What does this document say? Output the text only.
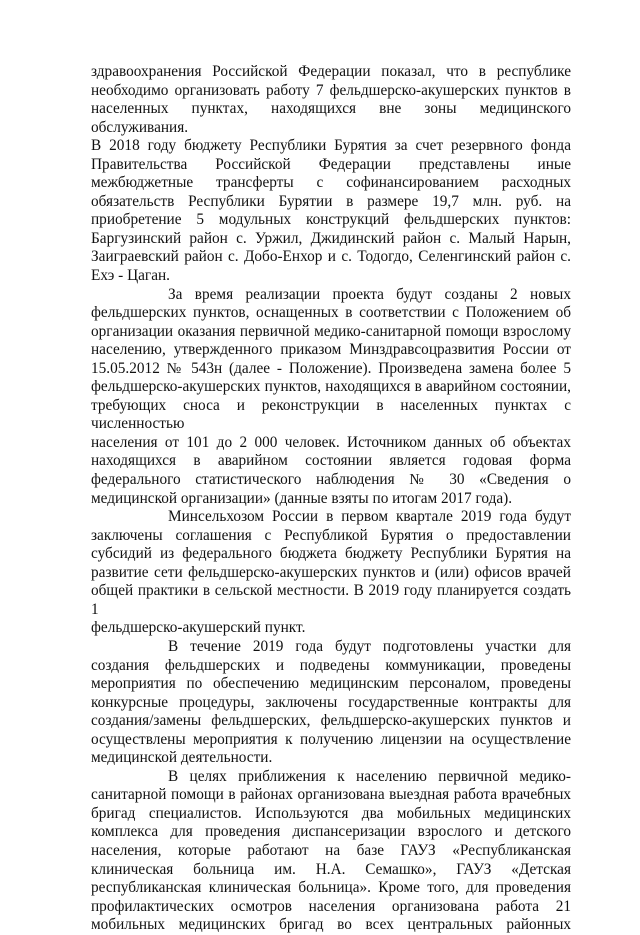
здравоохранения Российской Федерации показал, что в республике

необходимо организовать работу 7 фельдшерско-акушерских пунктов в

населенных пунктах, находящихся вне зоны медицинского обслуживания.

В 2018 году бюджету Республики Бурятия за счет резервного фонда

Правительства Российской Федерации представлены иные

межбюджетные трансферты с софинансированием расходных

обязательств Республики Бурятии в размере 19,7 млн. руб. на

приобретение 5 модульных конструкций фельдшерских пунктов:

Баргузинский район с. Уржил, Джидинский район с. Малый Нарын,

Заиграевский район с. Добо-Енхор и с. Тодогдо, Селенгинский район с.

Ехэ - Цаган.

За время реализации проекта будут созданы 2 новых

фельдшерских пунктов, оснащенных в соответствии с Положением об

организации оказания первичной медико-санитарной помощи взрослому

населению, утвержденного приказом Минздравсоцразвития России от

15.05.2012 № 543н (далее - Положение). Произведена замена более 5

фельдшерско-акушерских пунктов, находящихся в аварийном состоянии,

требующих сноса и реконструкции в населенных пунктах с численностью

населения от 101 до 2 000 человек. Источником данных об объектах

находящихся в аварийном состоянии является годовая форма

федерального статистического наблюдения № 30 «Сведения о

медицинской организации» (данные взяты по итогам 2017 года).

Минсельхозом России в первом квартале 2019 года будут

заключены соглашения с Республикой Бурятия о предоставлении

субсидий из федерального бюджета бюджету Республики Бурятия на

развитие сети фельдшерско-акушерских пунктов и (или) офисов врачей

общей практики в сельской местности. В 2019 году планируется создать 1

фельдшерско-акушерский пункт.

В течение 2019 года будут подготовлены участки для

создания фельдшерских и подведены коммуникации, проведены

мероприятия по обеспечению медицинским персоналом, проведены

конкурсные процедуры, заключены государственные контракты для

создания/замены фельдшерских, фельдшерско-акушерских пунктов и

осуществлены мероприятия к получению лицензии на осуществление

медицинской деятельности.

В целях приближения к населению первичной медико-

санитарной помощи в районах организована выездная работа врачебных

бригад специалистов. Используются два мобильных медицинских

комплекса для проведения диспансеризации взрослого и детского

населения, которые работают на базе ГАУЗ «Республиканская

клиническая больница им. Н.А. Семашко», ГАУЗ «Детская

республиканская клиническая больница». Кроме того, для проведения

профилактических осмотров населения организована работа 21

мобильных медицинских бригад во всех центральных районных
